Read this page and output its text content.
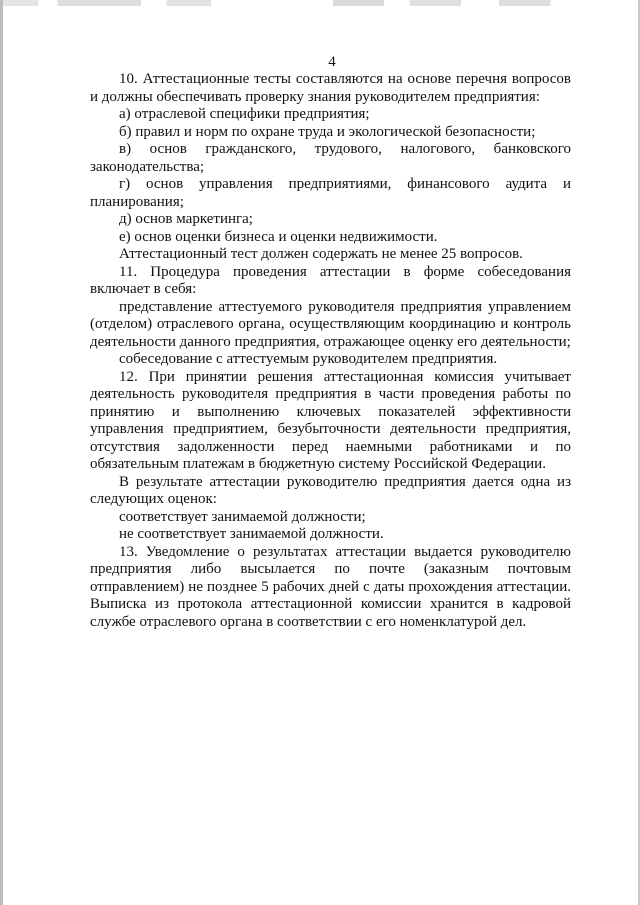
4

10. Аттестационные тесты составляются на основе перечня вопросов и должны обеспечивать проверку знания руководителем предприятия:

а) отраслевой специфики предприятия;

б) правил и норм по охране труда и экологической безопасности;

в) основ гражданского, трудового, налогового, банковского законодательства;

г) основ управления предприятиями, финансового аудита и планирования;

д) основ маркетинга;

е) основ оценки бизнеса и оценки недвижимости.

Аттестационный тест должен содержать не менее 25 вопросов.

11. Процедура проведения аттестации в форме собеседования включает в себя:

представление аттестуемого руководителя предприятия управлением (отделом) отраслевого органа, осуществляющим координацию и контроль деятельности данного предприятия, отражающее оценку его деятельности;

собеседование с аттестуемым руководителем предприятия.

12. При принятии решения аттестационная комиссия учитывает деятельность руководителя предприятия в части проведения работы по принятию и выполнению ключевых показателей эффективности управления предприятием, безубыточности деятельности предприятия, отсутствия задолженности перед наемными работниками и по обязательным платежам в бюджетную систему Российской Федерации.

В результате аттестации руководителю предприятия дается одна из следующих оценок:

соответствует занимаемой должности;

не соответствует занимаемой должности.

13. Уведомление о результатах аттестации выдается руководителю предприятия либо высылается по почте (заказным почтовым отправлением) не позднее 5 рабочих дней с даты прохождения аттестации. Выписка из протокола аттестационной комиссии хранится в кадровой службе отраслевого органа в соответствии с его номенклатурой дел.
